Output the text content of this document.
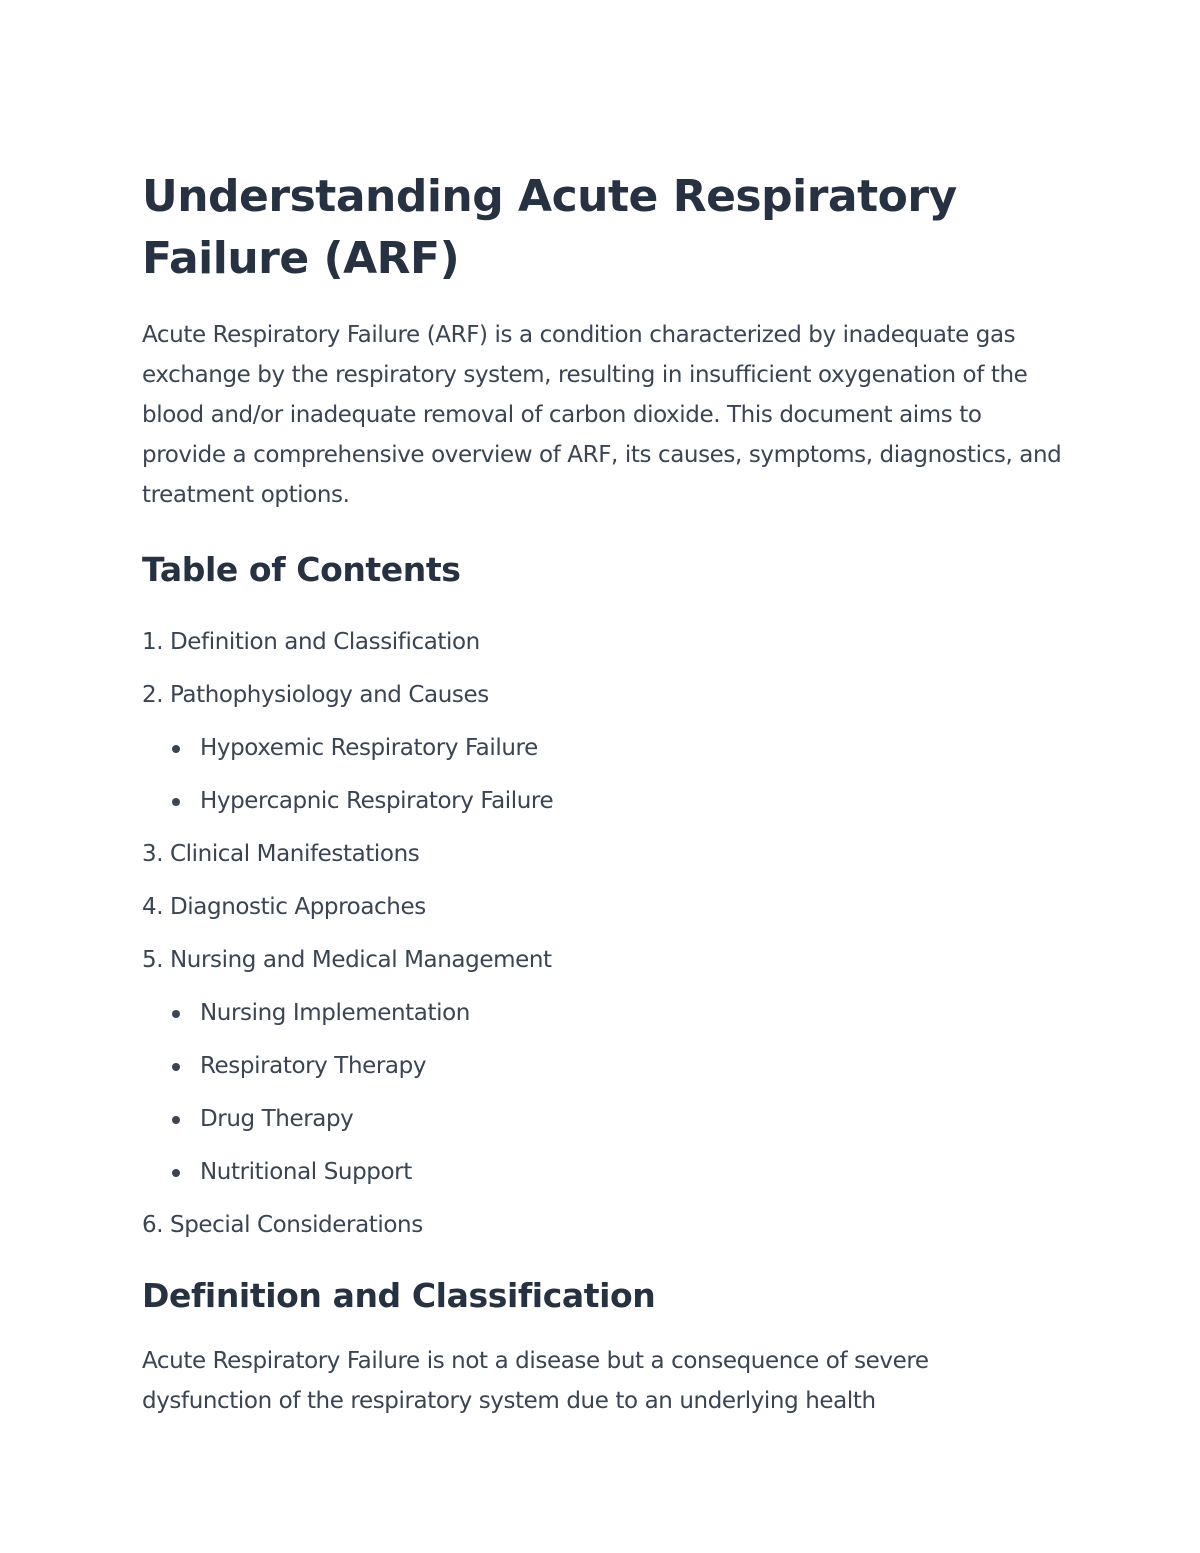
Understanding Acute Respiratory Failure (ARF)

Acute Respiratory Failure (ARF) is a condition characterized by inadequate gas exchange by the respiratory system, resulting in insufficient oxygenation of the blood and/or inadequate removal of carbon dioxide. This document aims to provide a comprehensive overview of ARF, its causes, symptoms, diagnostics, and treatment options.

Table of Contents
1. Definition and Classification
2. Pathophysiology and Causes
Hypoxemic Respiratory Failure
Hypercapnic Respiratory Failure
3. Clinical Manifestations
4. Diagnostic Approaches
5. Nursing and Medical Management
Nursing Implementation
Respiratory Therapy
Drug Therapy
Nutritional Support
6. Special Considerations
Definition and Classification

Acute Respiratory Failure is not a disease but a consequence of severe dysfunction of the respiratory system due to an underlying health
